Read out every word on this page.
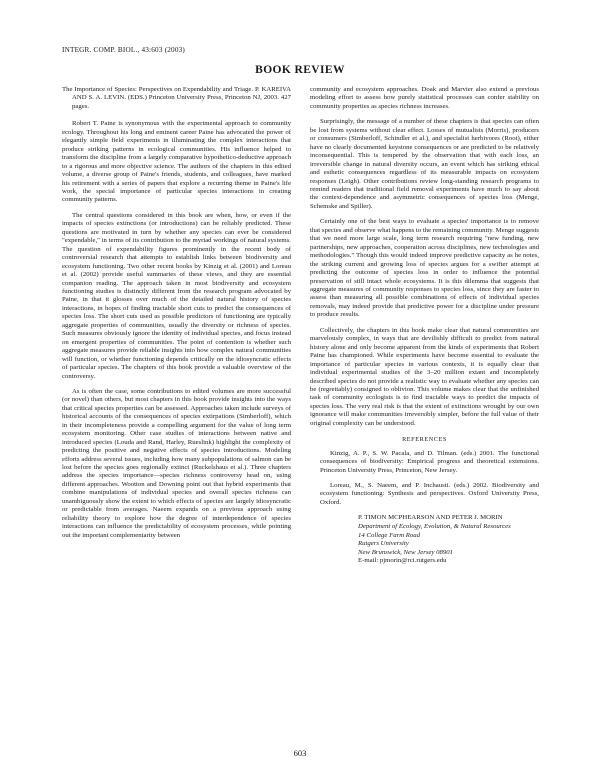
INTEGR. COMP. BIOL., 43:603 (2003)
BOOK REVIEW

The Importance of Species: Perspectives on Expendability and Triage. P. KAREIVA AND S. A. LEVIN. (EDS.) Princeton University Press, Princeton NJ, 2003. 427 pages.

Robert T. Paine is synonymous with the experimental approach to community ecology. Throughout his long and eminent career Paine has advocated the power of elegantly simple field experiments in illuminating the complex interactions that produce striking patterns in ecological communities. His influence helped to transform the discipline from a largely comparative hypothetico-deductive approach to a rigorous and more objective science. The authors of the chapters in this edited volume, a diverse group of Paine's friends, students, and colleagues, have marked his retirement with a series of papers that explore a recurring theme in Paine's life work, the special importance of particular species interactions in creating community patterns.

The central questions considered in this book are when, how, or even if the impacts of species extinctions (or introductions) can be reliably predicted. These questions are motivated in turn by whether any species can ever be considered "expendable," in terms of its contribution to the myriad workings of natural systems. The question of expendability figures prominently in the recent body of controversial research that attempts to establish links between biodiversity and ecosystem functioning. Two other recent books by Kinzig et al. (2001) and Loreau et al. (2002) provide useful summaries of these views, and they are essential companion reading. The approach taken in most biodiversity and ecosystem functioning studies is distinctly different from the research program advocated by Paine, in that it glosses over much of the detailed natural history of species interactions, in hopes of finding tractable short cuts to predict the consequences of species loss. The short cuts used as possible predictors of functioning are typically aggregate properties of communities, usually the diversity or richness of species. Such measures obviously ignore the identity of individual species, and focus instead on emergent properties of communities. The point of contention is whether such aggregate measures provide reliable insights into how complex natural communities will function, or whether functioning depends critically on the idiosyncratic effects of particular species. The chapters of this book provide a valuable overview of the controversy.

As is often the case, some contributions to edited volumes are more successful (or novel) than others, but most chapters in this book provide insights into the ways that critical species properties can be assessed. Approaches taken include surveys of historical accounts of the consequences of species extirpations (Simberloff), which in their incompleteness provide a compelling argument for the value of long term ecosystem monitoring. Other case studies of interactions between native and introduced species (Louda and Rand, Harley, Rueslink) highlight the complexity of predicting the positive and negative effects of species introductions. Modeling efforts address several issues, including how many subpopulations of salmon can be lost before the species goes regionally extinct (Ruckelshaus et al.). Three chapters address the species importance—species richness controversy head on, using different approaches. Wootton and Downing point out that hybrid experiments that combine manipulations of individual species and overall species richness can unambiguously show the extent to which effects of species are largely idiosyncratic or predictable from averages. Naeem expands on a previous approach using reliability theory to explore how the degree of interdependence of species interactions can influence the predictability of ecosystem processes, while pointing out the important complementarity between

community and ecosystem approaches. Doak and Marvier also extend a previous modeling effort to assess how purely statistical processes can confer stability on community properties as species richness increases.

Surprisingly, the message of a number of these chapters is that species can often be lost from systems without clear effect. Losses of mutualists (Morris), producers or consumers (Simberloff, Schindler et al.), and specialist herbivores (Root), either have no clearly documented keystone consequences or are predicted to be relatively inconsequential. This is tempered by the observation that with each loss, an irreversible change in natural diversity occurs, an event which has striking ethical and esthetic consequences regardless of its measurable impacts on ecosystem responses (Leigh). Other contributions review long-standing research programs to remind readers that traditional field removal experiments have much to say about the context-dependence and asymmetric consequences of species loss (Menge, Schemske and Spiller).

Certainly one of the best ways to evaluate a species' importance is to remove that species and observe what happens to the remaining community. Menge suggests that we need more large scale, long term research requiring "new funding, new partnerships, new approaches, cooperation across disciplines, new technologies and methodologies." Though this would indeed improve predictive capacity as he notes, the striking current and growing loss of species argues for a swifter attempt at predicting the outcome of species loss in order to influence the potential preservation of still intact whole ecosystems. It is this dilemma that suggests that aggregate measures of community responses to species loss, since they are faster to assess than measuring all possible combinations of effects of individual species removals, may indeed provide that predictive power for a discipline under pressure to produce results.

Collectively, the chapters in this book make clear that natural communities are marvelously complex, in ways that are devilishly difficult to predict from natural history alone and only become apparent from the kinds of experiments that Robert Paine has championed. While experiments have become essential to evaluate the importance of particular species in various contexts, it is equally clear that individual experimental studies of the 3–20 million extant and incompletely described species do not provide a realistic way to evaluate whether any species can be (regrettably) consigned to oblivion. This volume makes clear that the unfinished task of community ecologists is to find tractable ways to predict the impacts of species loss. The very real risk is that the extent of extinctions wrought by our own ignorance will make communities irreversibly simpler, before the full value of their original complexity can be understood.

REFERENCES

Kinzig, A. P., S. W. Pacala, and D. Tilman. (eds.) 2001. The functional consequences of biodiversity: Empirical progress and theoretical extensions. Princeton University Press, Princeton, New Jersey.

Loreau, M., S. Naeem, and P. Inchausti. (eds.) 2002. Biodiversity and ecosystem functioning: Synthesis and perspectives. Oxford University Press, Oxford.

P. TIMON MCPHEARSON AND PETER J. MORIN
Department of Ecology, Evolution, & Natural Resources
14 College Farm Road
Rutgers University
New Brunswick, New Jersey 08901
E-mail: pjmorin@rci.rutgers.edu
603
